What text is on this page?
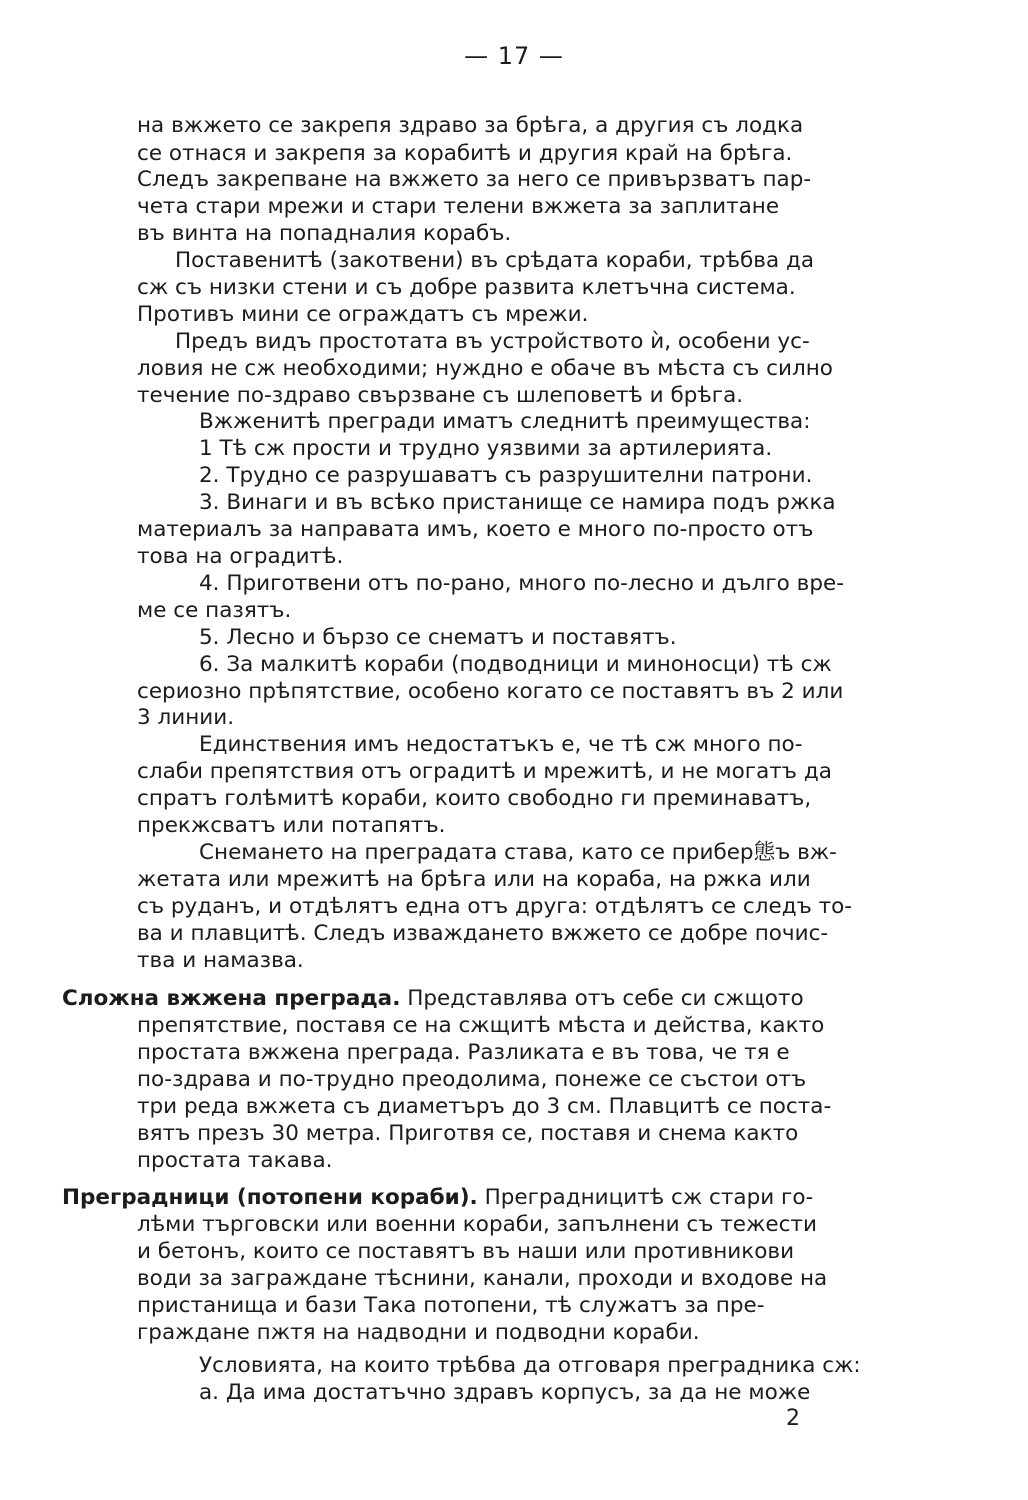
— 17 —
на вжжето се закрепя здраво за брѣга, а другия съ лодка
се отнася и закрепя за корабитѣ и другия край на брѣга.
Следъ закрепване на вжжето за него се привързватъ пар-
чета стари мрежи и стари телени вжжета за заплитане
въ винта на попадналия корабъ.
Поставенитѣ (закотвени) въ срѣдата кораби, трѣбва да
сж съ низки стени и съ добре развита клетъчна система.
Противъ мини се ограждатъ съ мрежи.
Предъ видъ простотата въ устройството ѝ, особени ус-
ловия не сж необходими; нуждно е обаче въ мѣста съ силно
течение по-здраво свързване съ шлеповетѣ и брѣга.
Вжженитѣ прегради иматъ следнитѣ преимущества:
1 Тѣ сж прости и трудно уязвими за артилерията.
2. Трудно се разрушаватъ съ разрушителни патрони.
3. Винаги и въ всѣко пристанище се намира подъ ржка
материалъ за направата имъ, което е много по-просто отъ
това на оградитѣ.
4. Приготвени отъ по-рано, много по-лесно и дълго вре-
ме се пазятъ.
5. Лесно и бързо се снематъ и поставятъ.
6. За малкитѣ кораби (подводници и миноносци) тѣ сж
сериозно прѣпятствие, особено когато се поставятъ въ 2 или
3 линии.
Единствения имъ недостатъкъ е, че тѣ сж много по-
слаби препятствия отъ оградитѣ и мрежитѣ, и не могатъ да
спратъ голѣмитѣ кораби, които свободно ги преминаватъ,
прекжсватъ или потапятъ.
Снемането на преградата става, като се прибер態ъ вж-
жетата или мрежитѣ на брѣга или на кораба, на ржка или
съ руданъ, и отдѣлятъ една отъ друга: отдѣлятъ се следъ то-
ва и плавцитѣ. Следъ изваждането вжжето се добре почис-
тва и намазва.
Сложна вжжена преграда. Представлява отъ себе си сжщото
препятствие, поставя се на сжщитѣ мѣста и действа, както
простата вжжена преграда. Разликата е въ това, че тя е
по-здрава и по-трудно преодолима, понеже се състои отъ
три реда вжжета съ диаметъръ до 3 см. Плавцитѣ се поста-
вятъ презъ 30 метра. Приготвя се, поставя и снема както
простата такава.
Преградници (потопени кораби). Преградницитѣ сж стари го-
лѣми търговски или военни кораби, запълнени съ тежести
и бетонъ, които се поставятъ въ наши или противникови
води за заграждане тѣснини, канали, проходи и входове на
пристанища и бази Така потопени, тѣ служатъ за пре-
граждане пжтя на надводни и подводни кораби.
Условията, на които трѣбва да отговаря преградника сж:
а. Да има достатъчно здравъ корпусъ, за да не може
2
